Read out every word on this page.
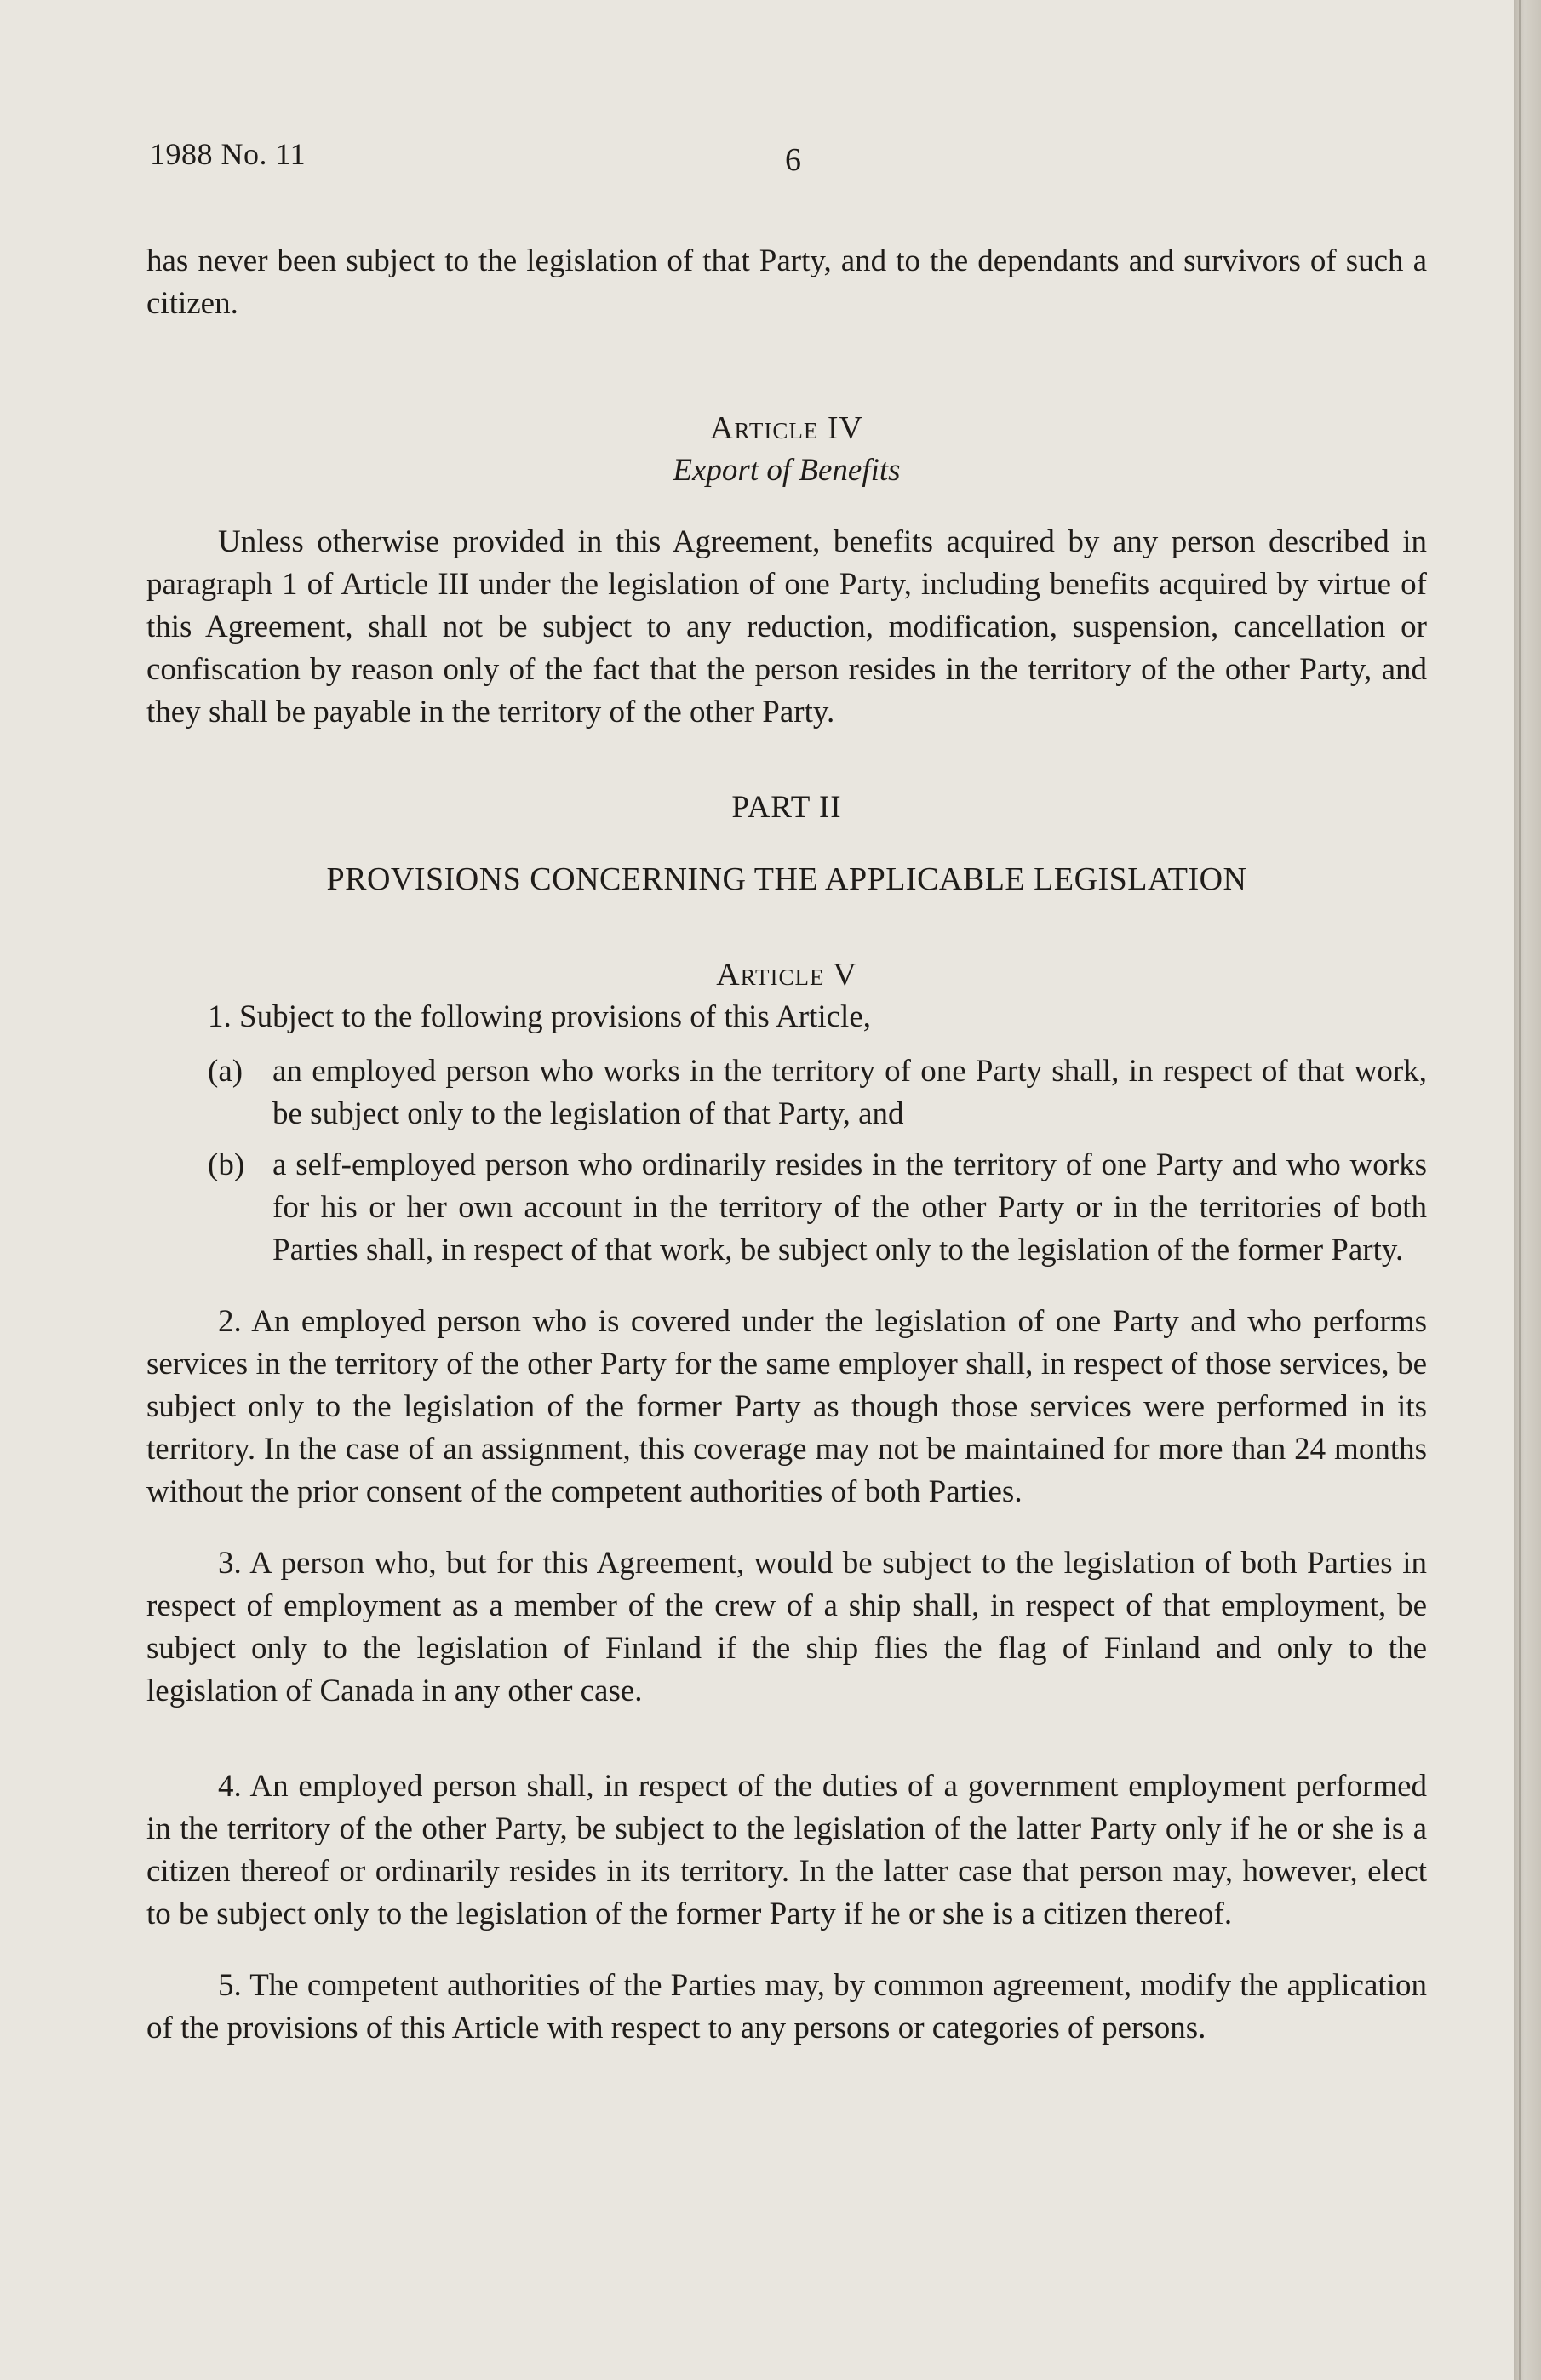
1988 No. 11	6

has never been subject to the legislation of that Party, and to the dependants and survivors of such a citizen.

Article IV

Export of Benefits

Unless otherwise provided in this Agreement, benefits acquired by any person described in paragraph 1 of Article III under the legislation of one Party, including benefits acquired by virtue of this Agreement, shall not be subject to any reduction, modification, suspension, cancellation or confiscation by reason only of the fact that the person resides in the territory of the other Party, and they shall be payable in the territory of the other Party.

PART II

PROVISIONS CONCERNING THE APPLICABLE LEGISLATION

Article V

1. Subject to the following provisions of this Article,

(a) an employed person who works in the territory of one Party shall, in respect of that work, be subject only to the legislation of that Party, and
(b) a self-employed person who ordinarily resides in the territory of one Party and who works for his or her own account in the territory of the other Party or in the territories of both Parties shall, in respect of that work, be subject only to the legislation of the former Party.

2. An employed person who is covered under the legislation of one Party and who performs services in the territory of the other Party for the same employer shall, in respect of those services, be subject only to the legislation of the former Party as though those services were performed in its territory. In the case of an assignment, this coverage may not be maintained for more than 24 months without the prior consent of the competent authorities of both Parties.

3. A person who, but for this Agreement, would be subject to the legislation of both Parties in respect of employment as a member of the crew of a ship shall, in respect of that employment, be subject only to the legislation of Finland if the ship flies the flag of Finland and only to the legislation of Canada in any other case.

4. An employed person shall, in respect of the duties of a government employment performed in the territory of the other Party, be subject to the legislation of the latter Party only if he or she is a citizen thereof or ordinarily resides in its territory. In the latter case that person may, however, elect to be subject only to the legislation of the former Party if he or she is a citizen thereof.

5. The competent authorities of the Parties may, by common agreement, modify the application of the provisions of this Article with respect to any persons or categories of persons.
